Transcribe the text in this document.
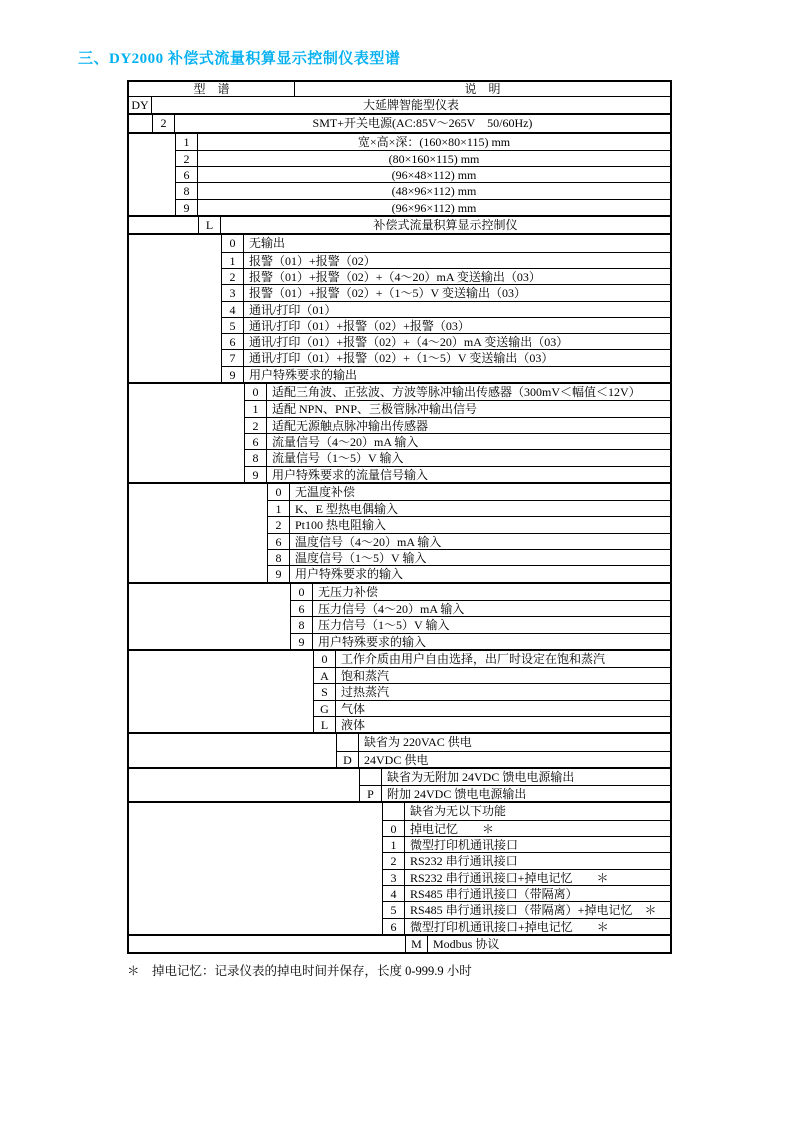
三、DY2000 补偿式流量积算显示控制仪表型谱
型　谱	说　明
DY	大延牌智能型仪表
2	SMT+开关电源(AC:85V～265V　50/60Hz)
1	宽×高×深：(160×80×115) mm
2	(80×160×115) mm
6	(96×48×112) mm
8	(48×96×112) mm
9	(96×96×112) mm
L	补偿式流量积算显示控制仪
0	无输出
1	报警（01）+报警（02）
2	报警（01）+报警（02）+（4～20）mA 变送输出（03）
3	报警（01）+报警（02）+（1～5）V 变送输出（03）
4	通讯/打印（01）
5	通讯/打印（01）+报警（02）+报警（03）
6	通讯/打印（01）+报警（02）+（4～20）mA 变送输出（03）
7	通讯/打印（01）+报警（02）+（1～5）V 变送输出（03）
9	用户特殊要求的输出
0	适配三角波、正弦波、方波等脉冲输出传感器（300mV＜幅值＜12V）
1	适配 NPN、PNP、三极管脉冲输出信号
2	适配无源触点脉冲输出传感器
6	流量信号（4～20）mA 输入
8	流量信号（1～5）V 输入
9	用户特殊要求的流量信号输入
0	无温度补偿
1	K、E 型热电偶输入
2	Pt100 热电阻输入
6	温度信号（4～20）mA 输入
8	温度信号（1～5）V 输入
9	用户特殊要求的输入
0	无压力补偿
6	压力信号（4～20）mA 输入
8	压力信号（1～5）V 输入
9	用户特殊要求的输入
0	工作介质由用户自由选择，出厂时设定在饱和蒸汽
A	饱和蒸汽
S	过热蒸汽
G	气体
L	液体
缺省为 220VAC 供电
D	24VDC 供电
缺省为无附加 24VDC 馈电电源输出
P	附加 24VDC 馈电电源输出
缺省为无以下功能
0	掉电记忆　　＊
1	微型打印机通讯接口
2	RS232 串行通讯接口
3	RS232 串行通讯接口+掉电记忆　　＊
4	RS485 串行通讯接口（带隔离）
5	RS485 串行通讯接口（带隔离）+掉电记忆　＊
6	微型打印机通讯接口+掉电记忆　　＊
M Modbus 协议
＊　掉电记忆：记录仪表的掉电时间并保存，长度 0-999.9 小时
